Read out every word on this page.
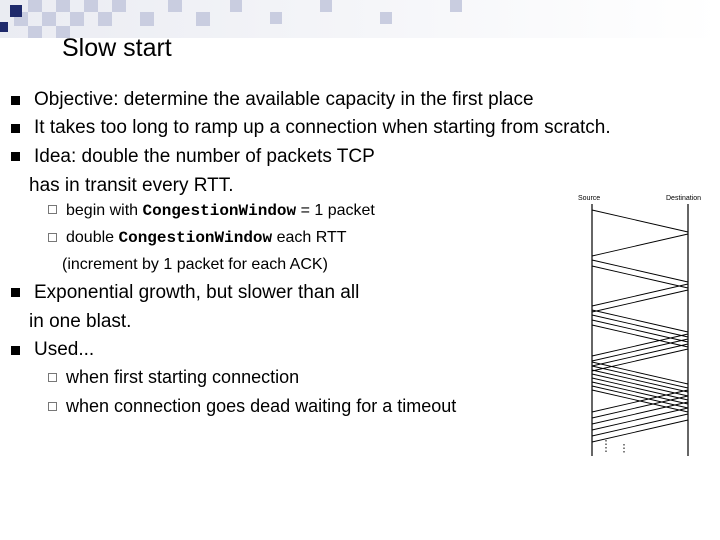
Slow start
Objective: determine the available capacity in the first place
It takes too long to ramp up a connection when starting from scratch.
Idea: double the number of packets TCP
has in transit every RTT.
begin with CongestionWindow = 1 packet
double CongestionWindow each RTT
(increment by 1 packet for each ACK)
Exponential growth, but slower than all
in one blast.
Used...
when first starting connection
when connection goes dead waiting for a timeout
Source	Destination
